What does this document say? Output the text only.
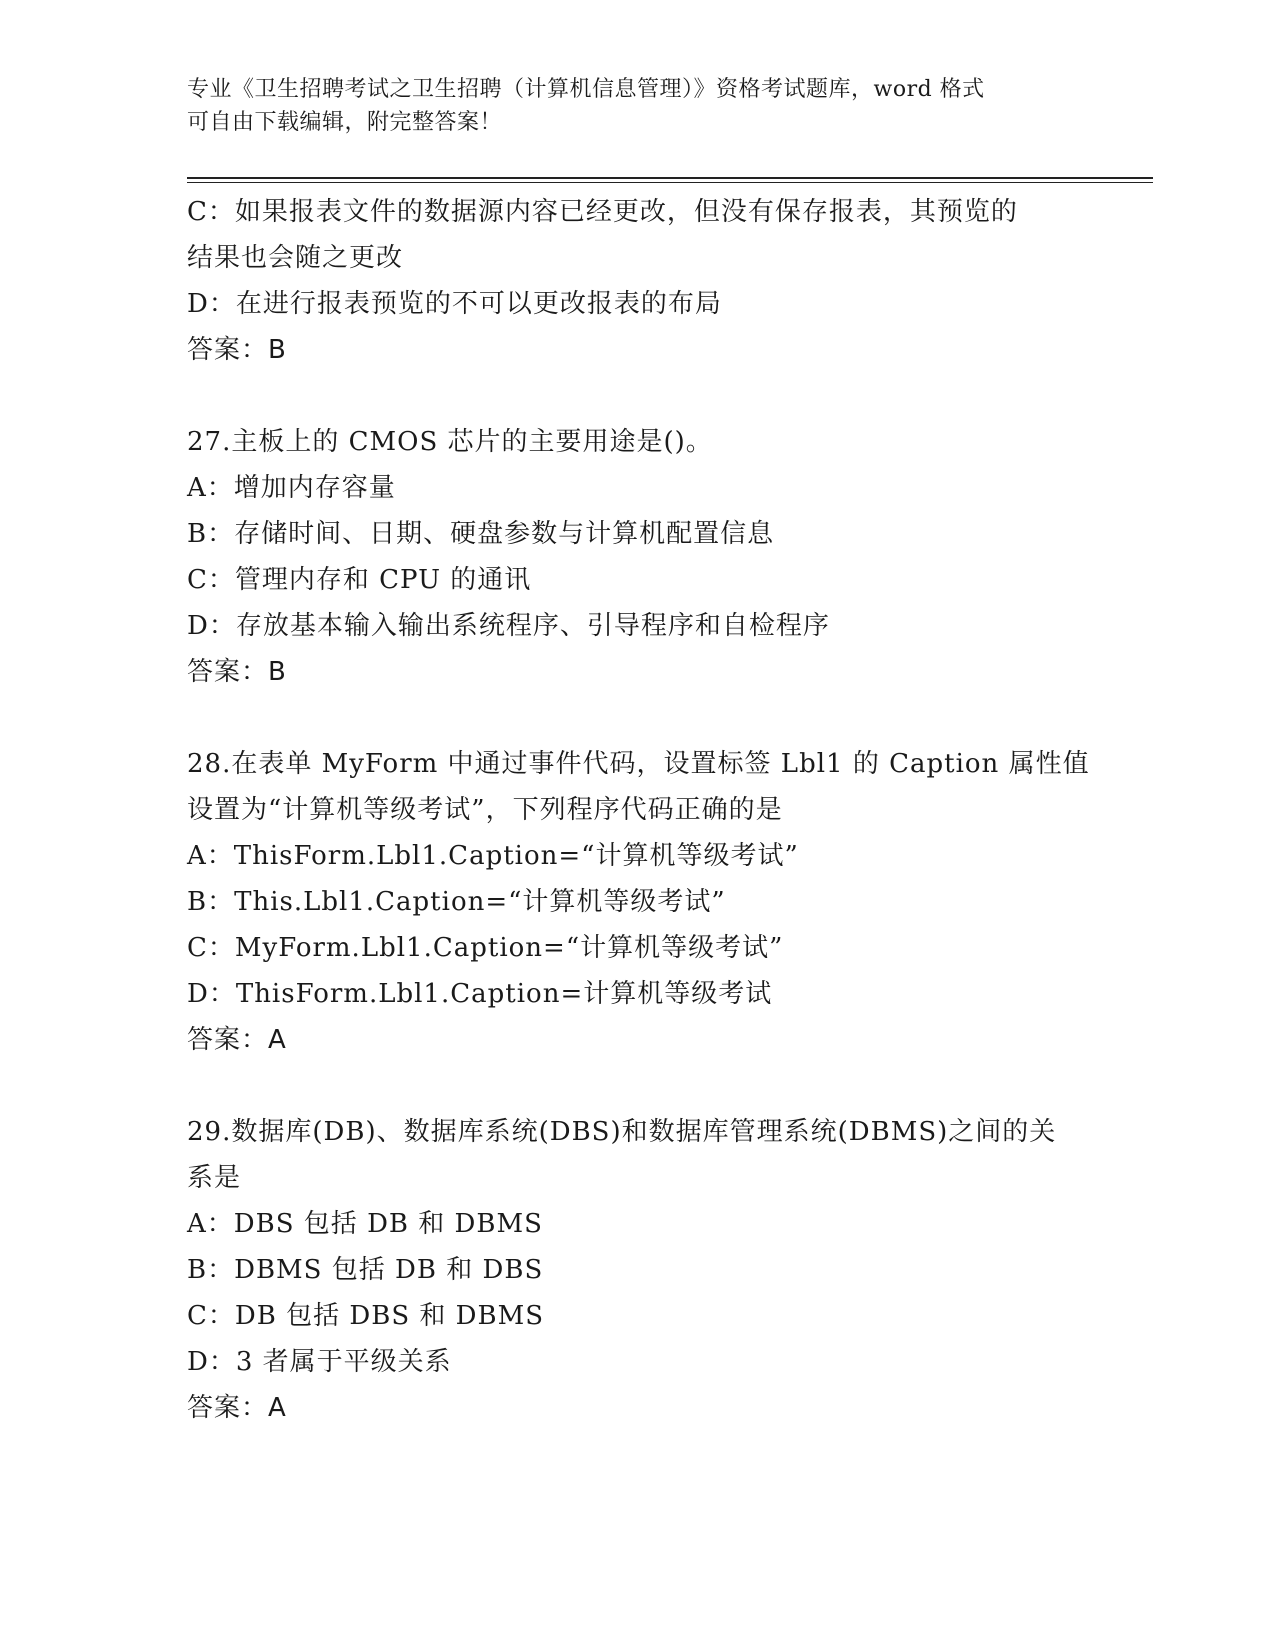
专业《卫生招聘考试之卫生招聘（计算机信息管理）》资格考试题库，word 格式
可自由下载编辑，附完整答案！
C：如果报表文件的数据源内容已经更改，但没有保存报表，其预览的
结果也会随之更改
D：在进行报表预览的不可以更改报表的布局
答案：B
27.主板上的 CMOS 芯片的主要用途是()。
A：增加内存容量
B：存储时间、日期、硬盘参数与计算机配置信息
C：管理内存和 CPU 的通讯
D：存放基本输入输出系统程序、引导程序和自检程序
答案：B
28.在表单 MyForm 中通过事件代码，设置标签 Lbl1 的 Caption 属性值
设置为“计算机等级考试”，下列程序代码正确的是
A：ThisForm.Lbl1.Caption=“计算机等级考试”
B：This.Lbl1.Caption=“计算机等级考试”
C：MyForm.Lbl1.Caption=“计算机等级考试”
D：ThisForm.Lbl1.Caption=计算机等级考试
答案：A
29.数据库(DB)、数据库系统(DBS)和数据库管理系统(DBMS)之间的关
系是
A：DBS 包括 DB 和 DBMS
B：DBMS 包括 DB 和 DBS
C：DB 包括 DBS 和 DBMS
D：3 者属于平级关系
答案：A
